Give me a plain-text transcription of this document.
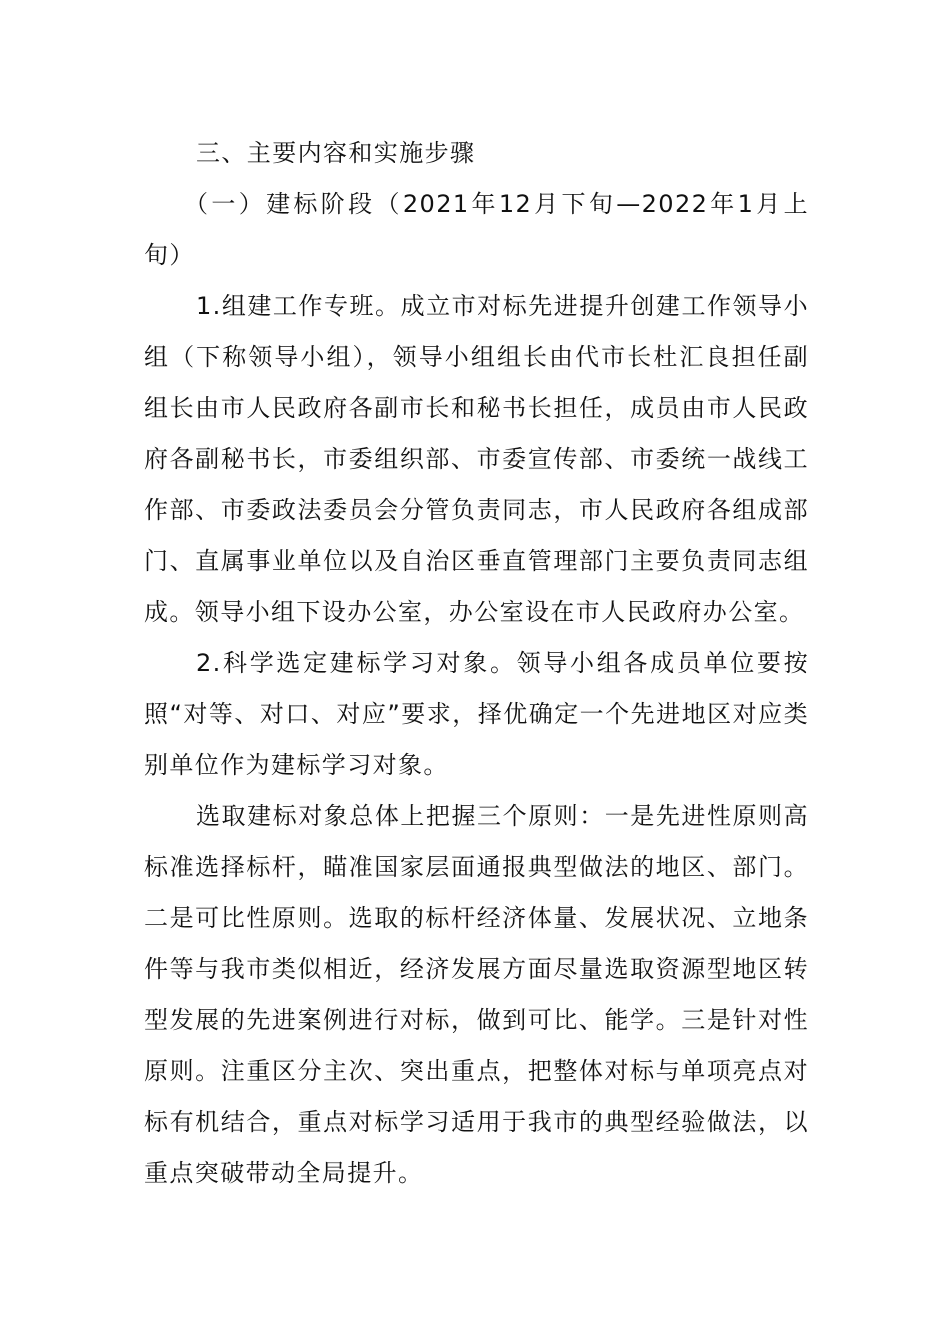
三、主要内容和实施步骤

（一）建标阶段（2021年12月下旬—2022年1月上旬）

1.组建工作专班。成立市对标先进提升创建工作领导小组（下称领导小组），领导小组组长由代市长杜汇良担任副组长由市人民政府各副市长和秘书长担任，成员由市人民政府各副秘书长，市委组织部、市委宣传部、市委统一战线工作部、市委政法委员会分管负责同志，市人民政府各组成部门、直属事业单位以及自治区垂直管理部门主要负责同志组成。领导小组下设办公室，办公室设在市人民政府办公室。

2.科学选定建标学习对象。领导小组各成员单位要按照“对等、对口、对应”要求，择优确定一个先进地区对应类别单位作为建标学习对象。

选取建标对象总体上把握三个原则：一是先进性原则高标准选择标杆，瞄准国家层面通报典型做法的地区、部门。二是可比性原则。选取的标杆经济体量、发展状况、立地条件等与我市类似相近，经济发展方面尽量选取资源型地区转型发展的先进案例进行对标，做到可比、能学。三是针对性原则。注重区分主次、突出重点，把整体对标与单项亮点对标有机结合，重点对标学习适用于我市的典型经验做法，以重点突破带动全局提升。
